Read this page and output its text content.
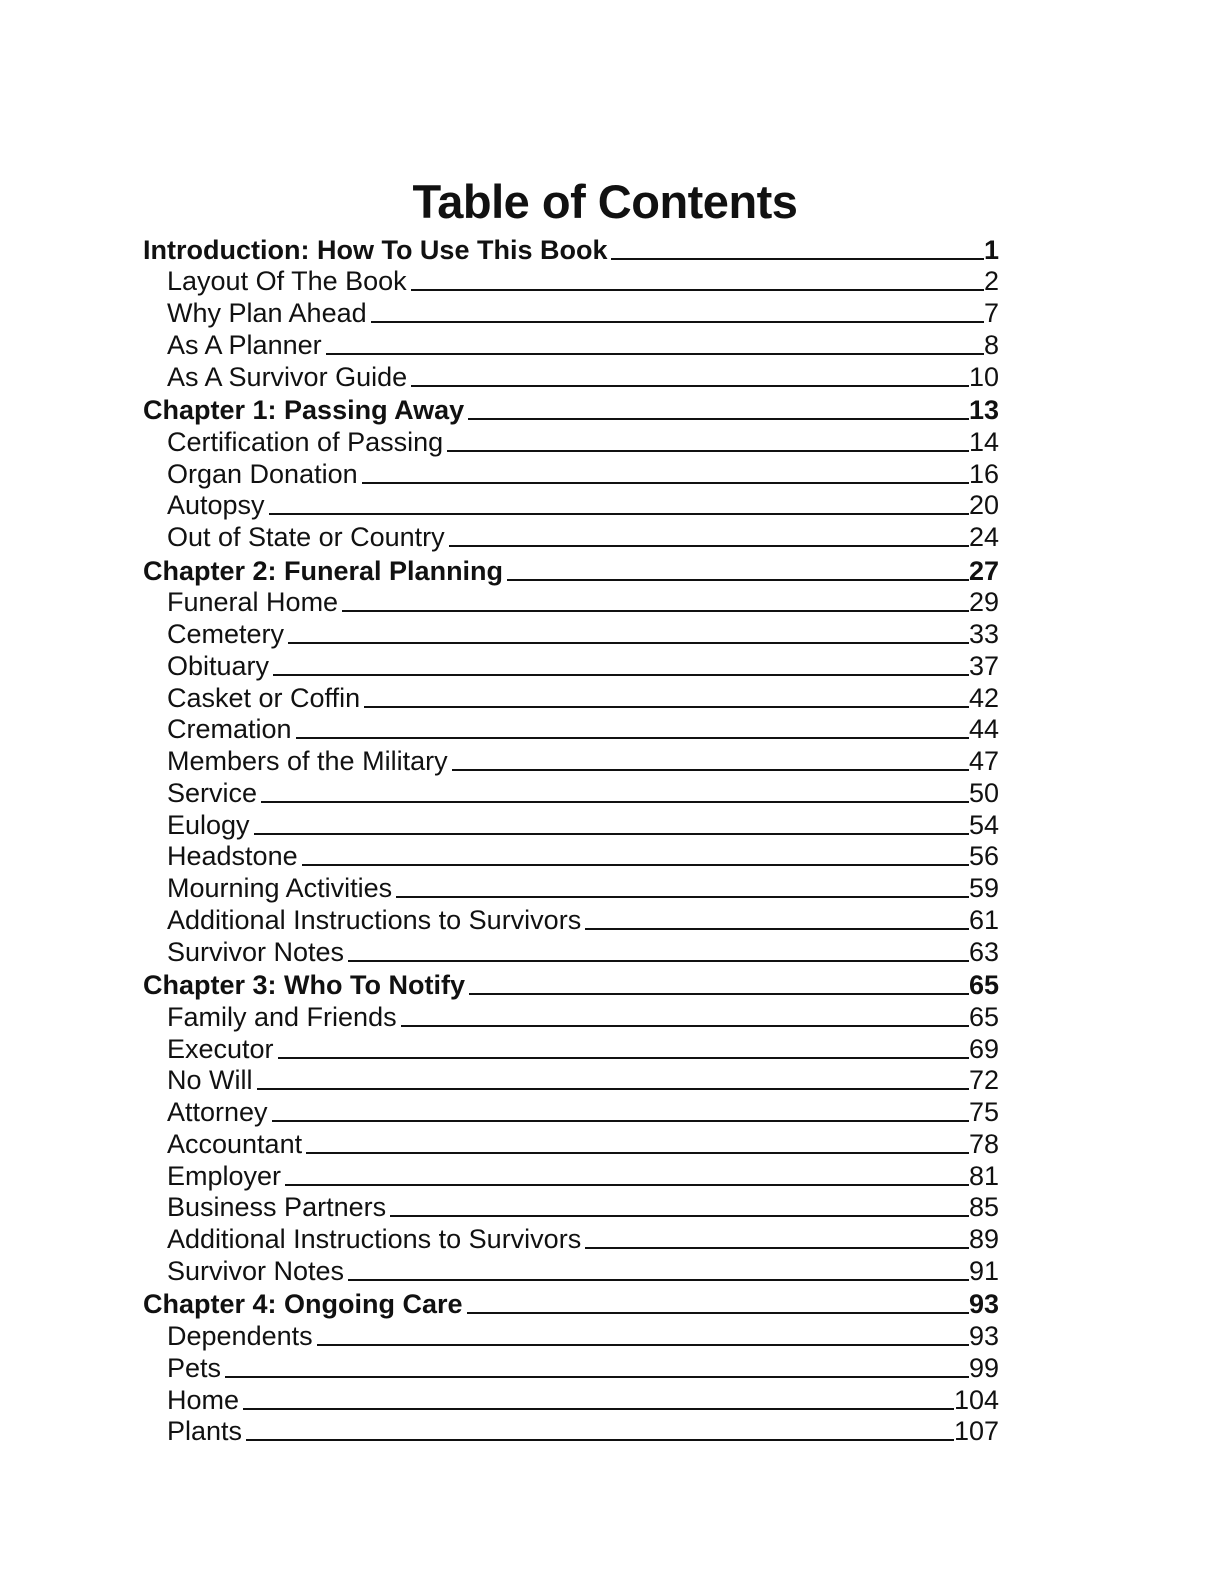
Table of Contents
Introduction: How To Use This Book	1
Layout Of The Book	2
Why Plan Ahead	7
As A Planner	8
As A Survivor Guide	10
Chapter 1: Passing Away	13
Certification of Passing	14
Organ Donation	16
Autopsy	20
Out of State or Country	24
Chapter 2: Funeral Planning	27
Funeral Home	29
Cemetery	33
Obituary	37
Casket or Coffin	42
Cremation	44
Members of the Military	47
Service	50
Eulogy	54
Headstone	56
Mourning Activities	59
Additional Instructions to Survivors	61
Survivor Notes	63
Chapter 3: Who To Notify	65
Family and Friends	65
Executor	69
No Will	72
Attorney	75
Accountant	78
Employer	81
Business Partners	85
Additional Instructions to Survivors	89
Survivor Notes	91
Chapter 4: Ongoing Care	93
Dependents	93
Pets	99
Home	104
Plants	107
